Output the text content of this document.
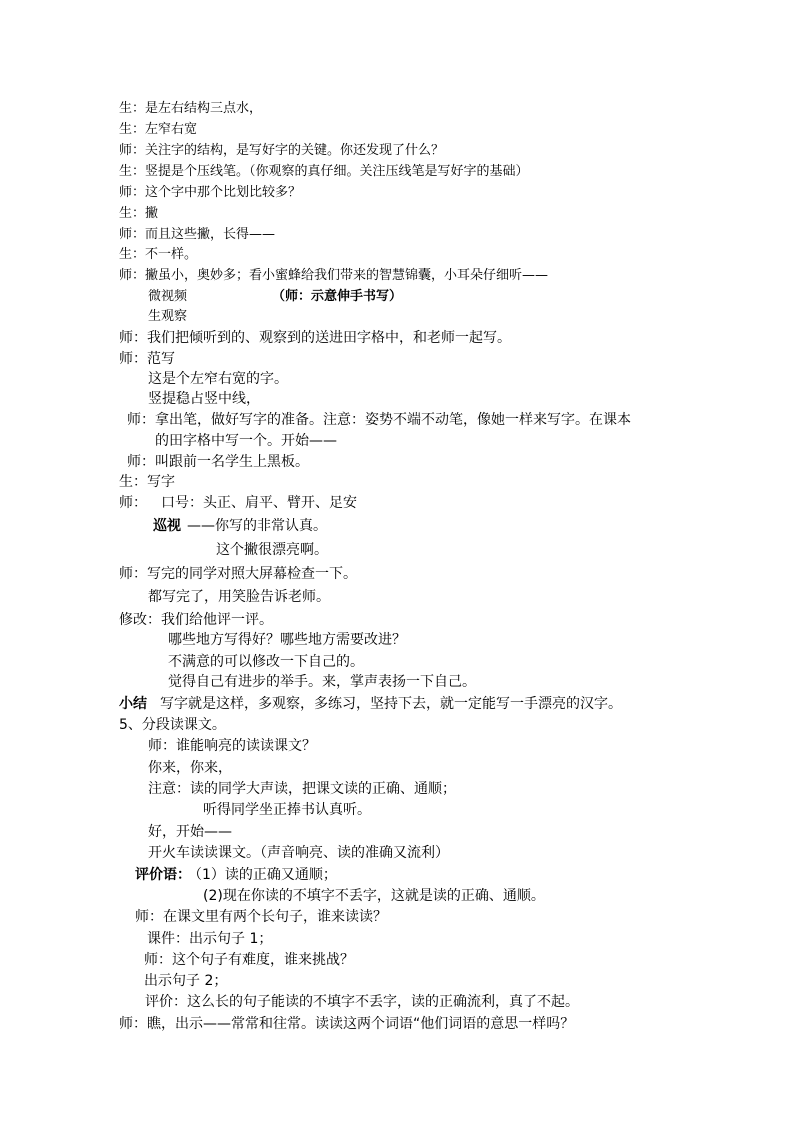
生：是左右结构三点水，
生：左窄右宽
师：关注字的结构，是写好字的关键。你还发现了什么？
生：竖提是个压线笔。（你观察的真仔细。关注压线笔是写好字的基础）
师：这个字中那个比划比较多？
生：撇
师：而且这些撇，长得——
生：不一样。
师：撇虽小，奥妙多；看小蜜蜂给我们带来的智慧锦囊，小耳朵仔细听——
微视频	（师：示意伸手书写）
生观察
师：我们把倾听到的、观察到的送进田字格中，和老师一起写。
师：范写
这是个左窄右宽的字。
竖提稳占竖中线，
师：拿出笔，做好写字的准备。注意：姿势不端不动笔，像她一样来写字。在课本
的田字格中写一个。开始——
师：叫跟前一名学生上黑板。
生：写字
师： 口号：头正、肩平、臂开、足安
巡视 ——你写的非常认真。
这个撇很漂亮啊。
师：写完的同学对照大屏幕检查一下。
都写完了，用笑脸告诉老师。
修改：我们给他评一评。
哪些地方写得好？哪些地方需要改进？
不满意的可以修改一下自己的。
觉得自己有进步的举手。来，掌声表扬一下自己。
小结 写字就是这样，多观察，多练习，坚持下去，就一定能写一手漂亮的汉字。
5、分段读课文。
师：谁能响亮的读读课文？
你来，你来，
注意：读的同学大声读，把课文读的正确、通顺；
听得同学坐正捧书认真听。
好，开始——
开火车读读课文。（声音响亮、读的准确又流利）
评价语：
（1）读的正确又通顺；
(2)现在你读的不填字不丢字，这就是读的正确、通顺。
师：在课文里有两个长句子，谁来读读？
课件：出示句子 1；
师：这个句子有难度，谁来挑战？
出示句子 2；
评价：这么长的句子能读的不填字不丢字，读的正确流利，真了不起。
师：瞧，出示——常常和往常。读读这两个词语“他们词语的意思一样吗？
